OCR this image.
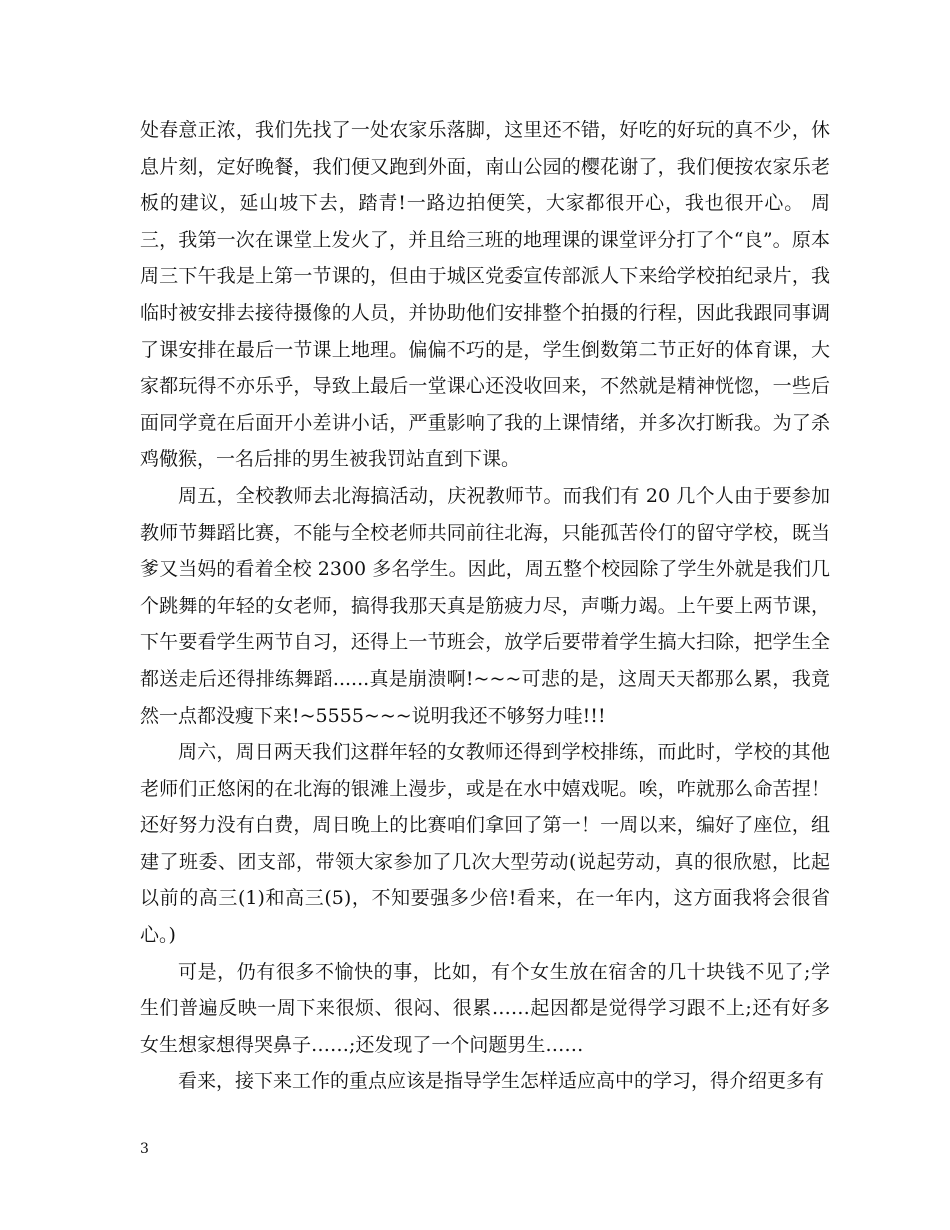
处春意正浓，我们先找了一处农家乐落脚，这里还不错，好吃的好玩的真不少，休息片刻，定好晚餐，我们便又跑到外面，南山公园的樱花谢了，我们便按农家乐老板的建议，延山坡下去，踏青!一路边拍便笑，大家都很开心，我也很开心。 周三，我第一次在课堂上发火了，并且给三班的地理课的课堂评分打了个“良”。原本周三下午我是上第一节课的，但由于城区党委宣传部派人下来给学校拍纪录片，我临时被安排去接待摄像的人员，并协助他们安排整个拍摄的行程，因此我跟同事调了课安排在最后一节课上地理。偏偏不巧的是，学生倒数第二节正好的体育课，大家都玩得不亦乐乎，导致上最后一堂课心还没收回来，不然就是精神恍惚，一些后面同学竟在后面开小差讲小话，严重影响了我的上课情绪，并多次打断我。为了杀鸡儆猴，一名后排的男生被我罚站直到下课。

周五，全校教师去北海搞活动，庆祝教师节。而我们有 20 几个人由于要参加教师节舞蹈比赛，不能与全校老师共同前往北海，只能孤苦伶仃的留守学校，既当爹又当妈的看着全校 2300 多名学生。因此，周五整个校园除了学生外就是我们几个跳舞的年轻的女老师，搞得我那天真是筋疲力尽，声嘶力竭。上午要上两节课，下午要看学生两节自习，还得上一节班会，放学后要带着学生搞大扫除，把学生全都送走后还得排练舞蹈......真是崩溃啊!~~~可悲的是，这周天天都那么累，我竟然一点都没瘦下来!~5555~~~说明我还不够努力哇!!!

周六，周日两天我们这群年轻的女教师还得到学校排练，而此时，学校的其他老师们正悠闲的在北海的银滩上漫步，或是在水中嬉戏呢。唉，咋就那么命苦捏！还好努力没有白费，周日晚上的比赛咱们拿回了第一！一周以来，编好了座位，组建了班委、团支部，带领大家参加了几次大型劳动(说起劳动，真的很欣慰，比起以前的高三(1)和高三(5)，不知要强多少倍!看来，在一年内，这方面我将会很省心。)

可是，仍有很多不愉快的事，比如，有个女生放在宿舍的几十块钱不见了;学生们普遍反映一周下来很烦、很闷、很累……起因都是觉得学习跟不上;还有好多女生想家想得哭鼻子……;还发现了一个问题男生……

看来，接下来工作的重点应该是指导学生怎样适应高中的学习，得介绍更多有

3
